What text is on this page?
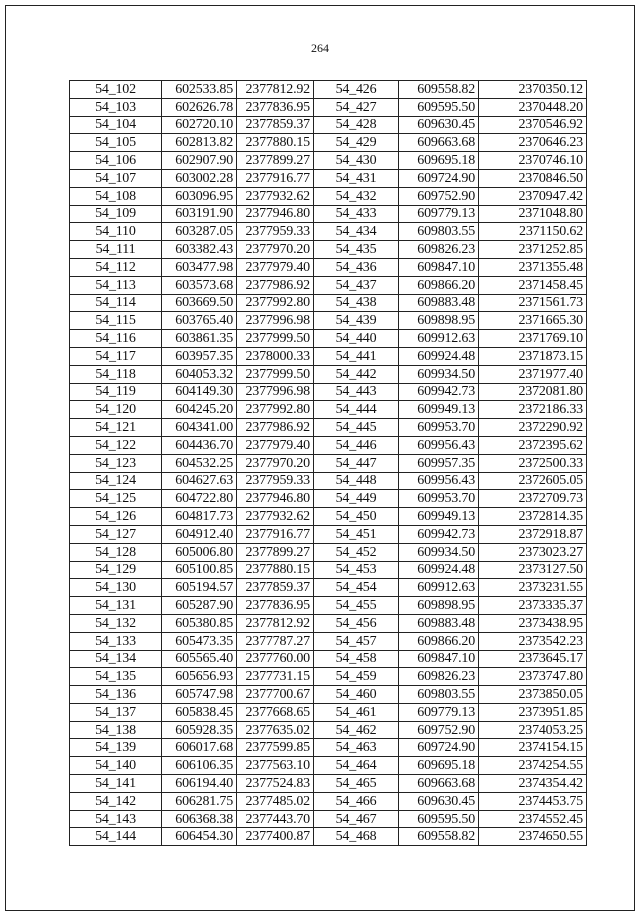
264
54_102	602533.85	2377812.92	54_426	609558.82	2370350.12
54_103	602626.78	2377836.95	54_427	609595.50	2370448.20
54_104	602720.10	2377859.37	54_428	609630.45	2370546.92
54_105	602813.82	2377880.15	54_429	609663.68	2370646.23
54_106	602907.90	2377899.27	54_430	609695.18	2370746.10
54_107	603002.28	2377916.77	54_431	609724.90	2370846.50
54_108	603096.95	2377932.62	54_432	609752.90	2370947.42
54_109	603191.90	2377946.80	54_433	609779.13	2371048.80
54_110	603287.05	2377959.33	54_434	609803.55	2371150.62
54_111	603382.43	2377970.20	54_435	609826.23	2371252.85
54_112	603477.98	2377979.40	54_436	609847.10	2371355.48
54_113	603573.68	2377986.92	54_437	609866.20	2371458.45
54_114	603669.50	2377992.80	54_438	609883.48	2371561.73
54_115	603765.40	2377996.98	54_439	609898.95	2371665.30
54_116	603861.35	2377999.50	54_440	609912.63	2371769.10
54_117	603957.35	2378000.33	54_441	609924.48	2371873.15
54_118	604053.32	2377999.50	54_442	609934.50	2371977.40
54_119	604149.30	2377996.98	54_443	609942.73	2372081.80
54_120	604245.20	2377992.80	54_444	609949.13	2372186.33
54_121	604341.00	2377986.92	54_445	609953.70	2372290.92
54_122	604436.70	2377979.40	54_446	609956.43	2372395.62
54_123	604532.25	2377970.20	54_447	609957.35	2372500.33
54_124	604627.63	2377959.33	54_448	609956.43	2372605.05
54_125	604722.80	2377946.80	54_449	609953.70	2372709.73
54_126	604817.73	2377932.62	54_450	609949.13	2372814.35
54_127	604912.40	2377916.77	54_451	609942.73	2372918.87
54_128	605006.80	2377899.27	54_452	609934.50	2373023.27
54_129	605100.85	2377880.15	54_453	609924.48	2373127.50
54_130	605194.57	2377859.37	54_454	609912.63	2373231.55
54_131	605287.90	2377836.95	54_455	609898.95	2373335.37
54_132	605380.85	2377812.92	54_456	609883.48	2373438.95
54_133	605473.35	2377787.27	54_457	609866.20	2373542.23
54_134	605565.40	2377760.00	54_458	609847.10	2373645.17
54_135	605656.93	2377731.15	54_459	609826.23	2373747.80
54_136	605747.98	2377700.67	54_460	609803.55	2373850.05
54_137	605838.45	2377668.65	54_461	609779.13	2373951.85
54_138	605928.35	2377635.02	54_462	609752.90	2374053.25
54_139	606017.68	2377599.85	54_463	609724.90	2374154.15
54_140	606106.35	2377563.10	54_464	609695.18	2374254.55
54_141	606194.40	2377524.83	54_465	609663.68	2374354.42
54_142	606281.75	2377485.02	54_466	609630.45	2374453.75
54_143	606368.38	2377443.70	54_467	609595.50	2374552.45
54_144	606454.30	2377400.87	54_468	609558.82	2374650.55
